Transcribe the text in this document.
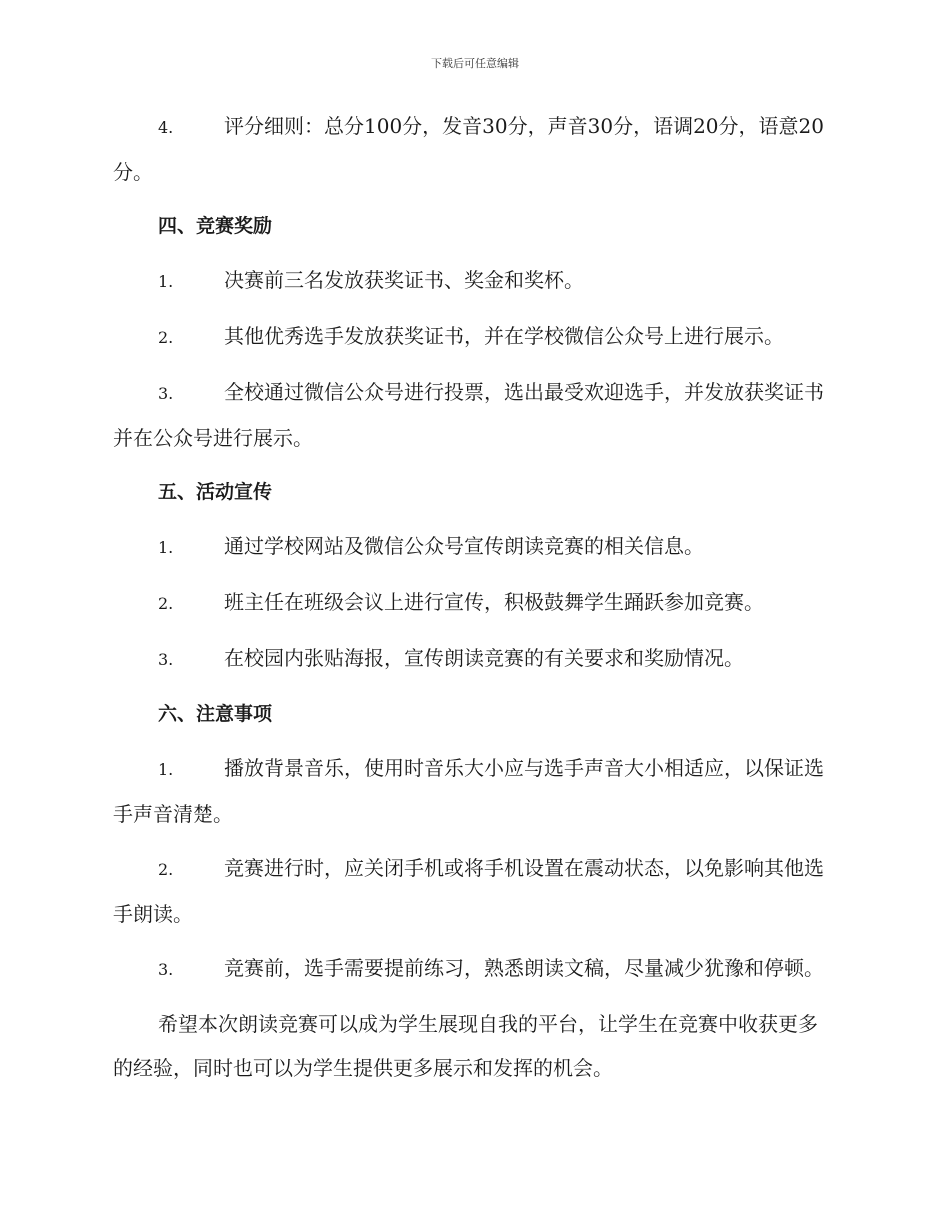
下载后可任意编辑

4.	评分细则：总分100分，发音30分，声音30分，语调20分，语意20分。

四、竞赛奖励

1.	决赛前三名发放获奖证书、奖金和奖杯。

2.	其他优秀选手发放获奖证书，并在学校微信公众号上进行展示。

3.	全校通过微信公众号进行投票，选出最受欢迎选手，并发放获奖证书并在公众号进行展示。

五、活动宣传

1.	通过学校网站及微信公众号宣传朗读竞赛的相关信息。

2.	班主任在班级会议上进行宣传，积极鼓舞学生踊跃参加竞赛。

3.	在校园内张贴海报，宣传朗读竞赛的有关要求和奖励情况。

六、注意事项

1.	播放背景音乐，使用时音乐大小应与选手声音大小相适应，以保证选手声音清楚。

2.	竞赛进行时，应关闭手机或将手机设置在震动状态，以免影响其他选手朗读。

3.	竞赛前，选手需要提前练习，熟悉朗读文稿，尽量减少犹豫和停顿。

希望本次朗读竞赛可以成为学生展现自我的平台，让学生在竞赛中收获更多的经验，同时也可以为学生提供更多展示和发挥的机会。
